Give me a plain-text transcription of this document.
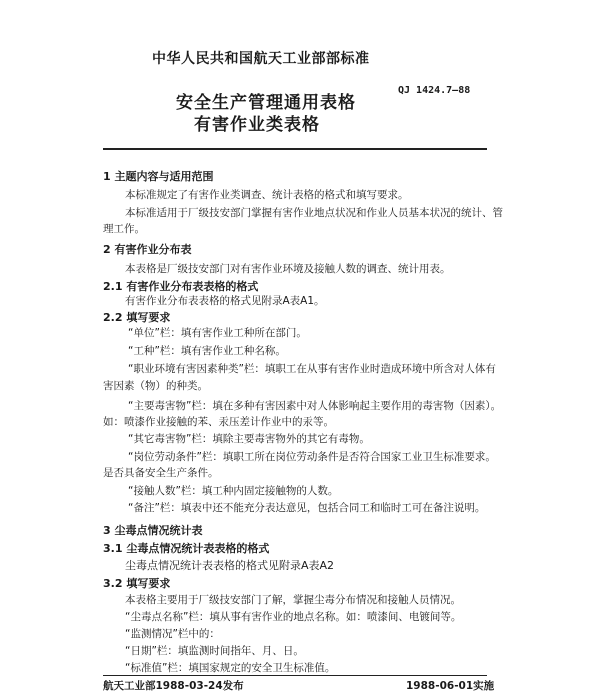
中华人民共和国航天工业部部标准
安全生产管理通用表格
有害作业类表格
QJ 1424.7—88
1 主题内容与适用范围
本标准规定了有害作业类调查、统计表格的格式和填写要求。
本标准适用于厂级技安部门掌握有害作业地点状况和作业人员基本状况的统计、管
理工作。
2 有害作业分布表
本表格是厂级技安部门对有害作业环境及接触人数的调查、统计用表。
2.1 有害作业分布表表格的格式
有害作业分布表表格的格式见附录A表A1。
2.2 填写要求
“单位”栏：填有害作业工种所在部门。
“工种”栏：填有害作业工种名称。
“职业环境有害因素种类”栏：填职工在从事有害作业时造成环境中所含对人体有
害因素（物）的种类。
“主要毒害物”栏：填在多种有害因素中对人体影响起主要作用的毒害物（因素）。
如：喷漆作业接触的苯、汞压差计作业中的汞等。
“其它毒害物”栏：填除主要毒害物外的其它有毒物。
“岗位劳动条件”栏：填职工所在岗位劳动条件是否符合国家工业卫生标准要求。
是否具备安全生产条件。
“接触人数”栏：填工种内固定接触物的人数。
“备注”栏：填表中还不能充分表达意见，包括合同工和临时工可在备注说明。
3 尘毒点情况统计表
3.1 尘毒点情况统计表表格的格式
尘毒点情况统计表表格的格式见附录A表A2
3.2 填写要求
本表格主要用于厂级技安部门了解，掌握尘毒分布情况和接触人员情况。
“尘毒点名称”栏：填从事有害作业的地点名称。如：喷漆间、电镀间等。
“监测情况”栏中的：
“日期”栏：填监测时间指年、月、日。
“标准值”栏：填国家规定的安全卫生标准值。
航天工业部1988-03-24发布	1988-06-01实施
